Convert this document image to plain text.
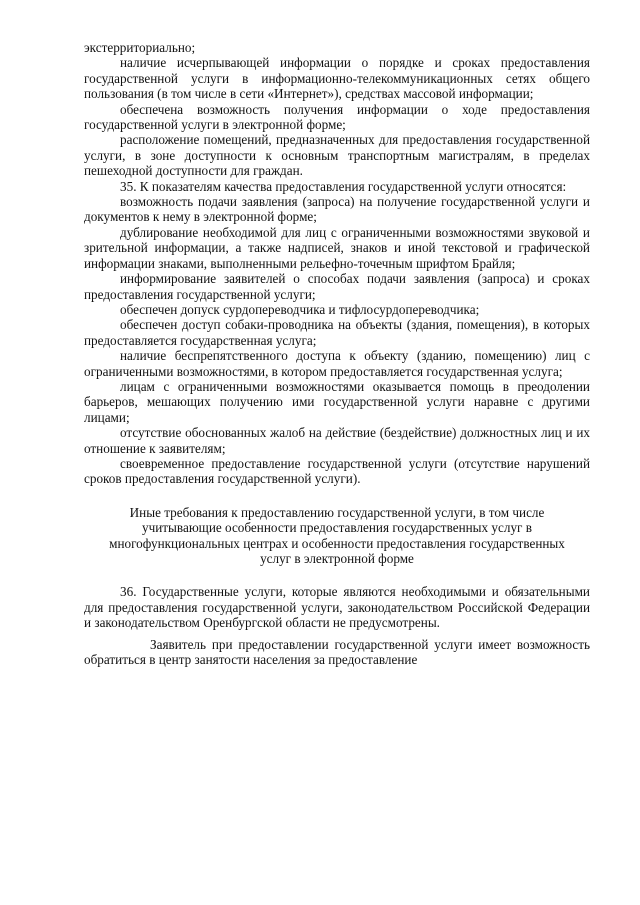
экстерриториально;

наличие исчерпывающей информации о порядке и сроках предоставления государственной услуги в информационно-телекоммуникационных сетях общего пользования (в том числе в сети «Интернет»), средствах массовой информации;

обеспечена возможность получения информации о ходе предоставления государственной услуги в электронной форме;

расположение помещений, предназначенных для предоставления государственной услуги, в зоне доступности к основным транспортным магистралям, в пределах пешеходной доступности для граждан.

35. К показателям качества предоставления государственной услуги относятся:

возможность подачи заявления (запроса) на получение государственной услуги и документов к нему в электронной форме;

дублирование необходимой для лиц с ограниченными возможностями звуковой и зрительной информации, а также надписей, знаков и иной текстовой и графической информации знаками, выполненными рельефно-точечным шрифтом Брайля;

информирование заявителей о способах подачи заявления (запроса) и сроках предоставления государственной услуги;

обеспечен допуск сурдопереводчика и тифлосурдопереводчика;

обеспечен доступ собаки-проводника на объекты (здания, помещения), в которых предоставляется государственная услуга;

наличие беспрепятственного доступа к объекту (зданию, помещению) лиц с ограниченными возможностями, в котором предоставляется государственная услуга;

лицам с ограниченными возможностями оказывается помощь в преодолении барьеров, мешающих получению ими государственной услуги наравне с другими лицами;

отсутствие обоснованных жалоб на действие (бездействие) должностных лиц и их отношение к заявителям;

своевременное предоставление государственной услуги (отсутствие нарушений сроков предоставления государственной услуги).

Иные требования к предоставлению государственной услуги, в том числе учитывающие особенности предоставления государственных услуг в многофункциональных центрах и особенности предоставления государственных услуг в электронной форме

36. Государственные услуги, которые являются необходимыми и обязательными для предоставления государственной услуги, законодательством Российской Федерации и законодательством Оренбургской области не предусмотрены.

Заявитель при предоставлении государственной услуги имеет возможность обратиться в центр занятости населения за предоставление
